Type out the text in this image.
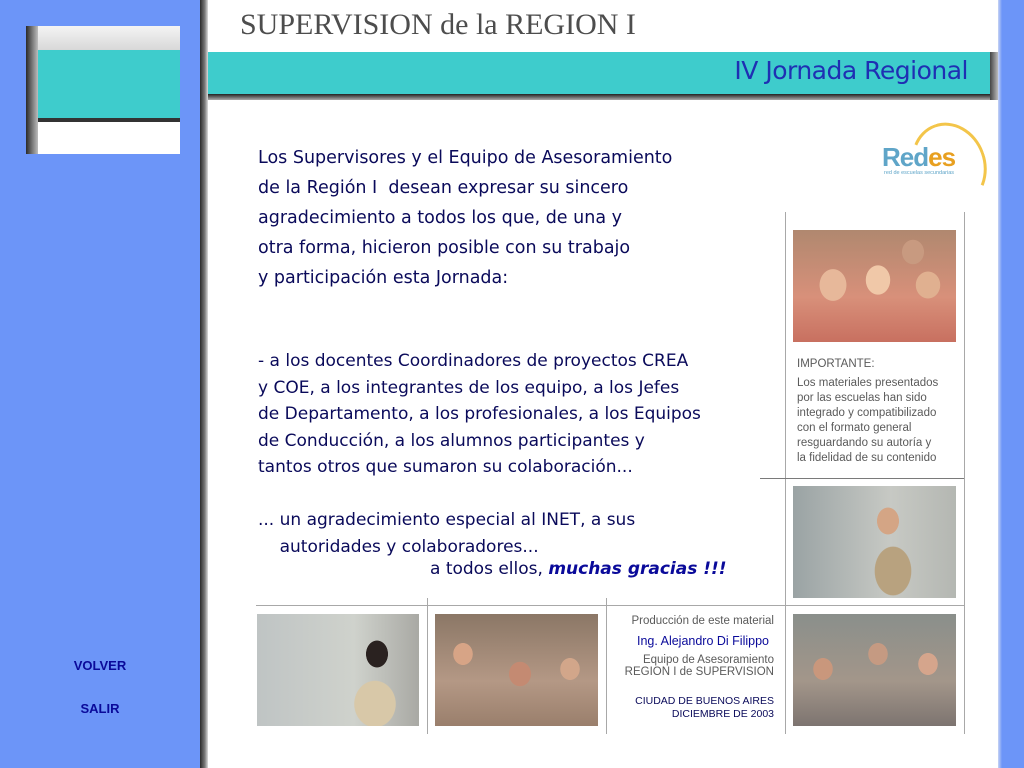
VOLVER
SALIR
SUPERVISION de la REGION I
IV Jornada Regional
Redes
red de escuelas secundarias
Los Supervisores y el Equipo de Asesoramiento
de la Región I  desean expresar su sincero
agradecimiento a todos los que, de una y
otra forma, hicieron posible con su trabajo
y participación esta Jornada:
- a los docentes Coordinadores de proyectos CREA
y COE, a los integrantes de los equipo, a los Jefes
de Departamento, a los profesionales, a los Equipos
de Conducción, a los alumnos participantes y
tantos otros que sumaron su colaboración...
... un agradecimiento especial al INET, a sus
autoridades y colaboradores...
a todos ellos, muchas gracias !!!
IMPORTANTE:
Los materiales presentados
por las escuelas han sido
integrado y compatibilizado
con el formato general
resguardando su autoría y
la fidelidad de su contenido
Producción de este material
Ing. Alejandro Di Filippo
Equipo de Asesoramiento
REGION I de SUPERVISION
CIUDAD DE BUENOS AIRES
DICIEMBRE DE 2003
